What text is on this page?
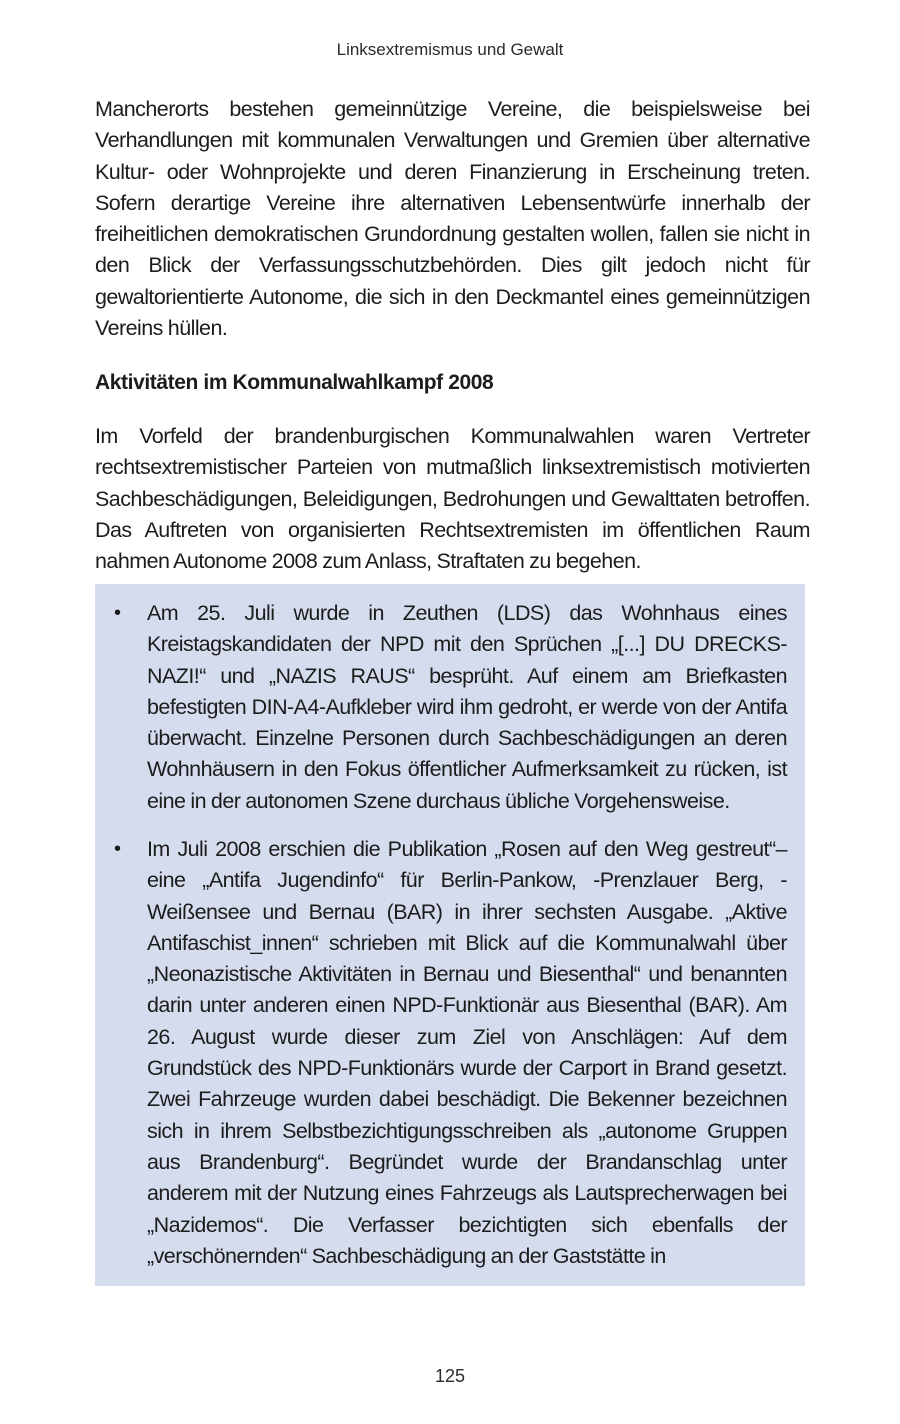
Linksextremismus und Gewalt

Mancherorts bestehen gemeinnützige Vereine, die beispielsweise bei Verhandlungen mit kommunalen Verwaltungen und Gremien über alternative Kultur- oder Wohnprojekte und deren Finanzierung in Erscheinung treten. Sofern derartige Vereine ihre alternativen Lebensentwürfe innerhalb der freiheitlichen demokratischen Grundordnung gestalten wollen, fallen sie nicht in den Blick der Verfassungsschutzbehörden. Dies gilt jedoch nicht für gewaltorientierte Autonome, die sich in den Deckmantel eines gemeinnützigen Vereins hüllen.

Aktivitäten im Kommunalwahlkampf 2008

Im Vorfeld der brandenburgischen Kommunalwahlen waren Vertreter rechtsextremistischer Parteien von mutmaßlich linksextremistisch motivierten Sachbeschädigungen, Beleidigungen, Bedrohungen und Gewalttaten betroffen. Das Auftreten von organisierten Rechtsextremisten im öffentlichen Raum nahmen Autonome 2008 zum Anlass, Straftaten zu begehen.

• Am 25. Juli wurde in Zeuthen (LDS) das Wohnhaus eines Kreistagskandidaten der NPD mit den Sprüchen „[...] DU DRECKS-NAZI!“ und „NAZIS RAUS“ besprüht. Auf einem am Briefkasten befestigten DIN-A4-Aufkleber wird ihm gedroht, er werde von der Antifa überwacht. Einzelne Personen durch Sachbeschädigungen an deren Wohnhäusern in den Fokus öffentlicher Aufmerksamkeit zu rücken, ist eine in der autonomen Szene durchaus übliche Vorgehensweise.

• Im Juli 2008 erschien die Publikation „Rosen auf den Weg gestreut“– eine „Antifa Jugendinfo“ für Berlin-Pankow, -Prenzlauer Berg, -Weißensee und Bernau (BAR) in ihrer sechsten Ausgabe. „Aktive Antifaschist_innen“ schrieben mit Blick auf die Kommunalwahl über „Neonazistische Aktivitäten in Bernau und Biesenthal“ und benannten darin unter anderen einen NPD-Funktionär aus Biesenthal (BAR). Am 26. August wurde dieser zum Ziel von Anschlägen: Auf dem Grundstück des NPD-Funktionärs wurde der Carport in Brand gesetzt. Zwei Fahrzeuge wurden dabei beschädigt. Die Bekenner bezeichnen sich in ihrem Selbstbezichtigungsschreiben als „autonome Gruppen aus Brandenburg“. Begründet wurde der Brandanschlag unter anderem mit der Nutzung eines Fahrzeugs als Lautsprecherwagen bei „Nazidemos“. Die Verfasser bezichtigten sich ebenfalls der „verschönernden“ Sachbeschädigung an der Gaststätte in

125
